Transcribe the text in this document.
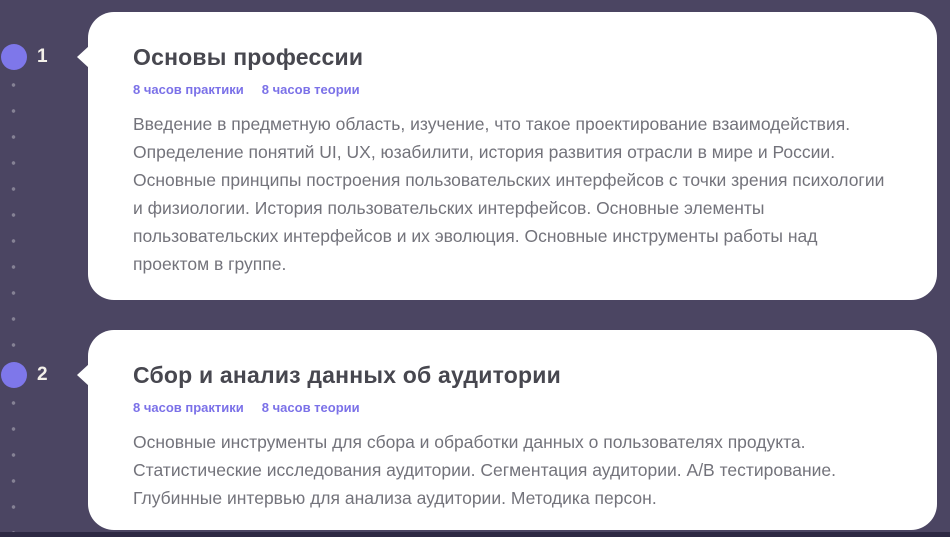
1
2
Основы профессии
8 часов практики 8 часов теории

Введение в предметную область, изучение, что такое проектирование взаимодействия. Определение понятий UI, UX, юзабилити, история развития отрасли в мире и России. Основные принципы построения пользовательских интерфейсов с точки зрения психологии и физиологии. История пользовательских интерфейсов. Основные элементы пользовательских интерфейсов и их эволюция. Основные инструменты работы над проектом в группе.

Сбор и анализ данных об аудитории
8 часов практики 8 часов теории

Основные инструменты для сбора и обработки данных о пользователях продукта. Статистические исследования аудитории. Сегментация аудитории. A/B тестирование. Глубинные интервью для анализа аудитории. Методика персон.
